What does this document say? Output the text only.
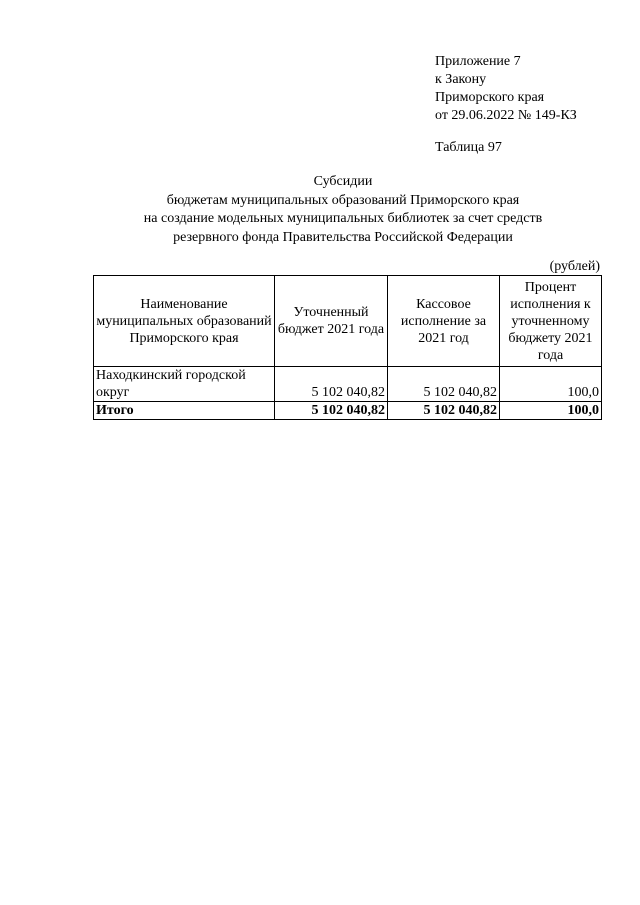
Приложение 7
к Закону
Приморского края
от 29.06.2022 № 149-КЗ
Таблица 97
Субсидии
бюджетам муниципальных образований Приморского края
на создание модельных муниципальных библиотек за счет средств
резервного фонда Правительства Российской Федерации
(рублей)
Наименование муниципальных образований Приморского края	Уточненный бюджет 2021 года	Кассовое исполнение за 2021 год	Процент исполнения к уточненному бюджету 2021 года
Находкинский городской округ	5 102 040,82	5 102 040,82	100,0
Итого	5 102 040,82	5 102 040,82	100,0
